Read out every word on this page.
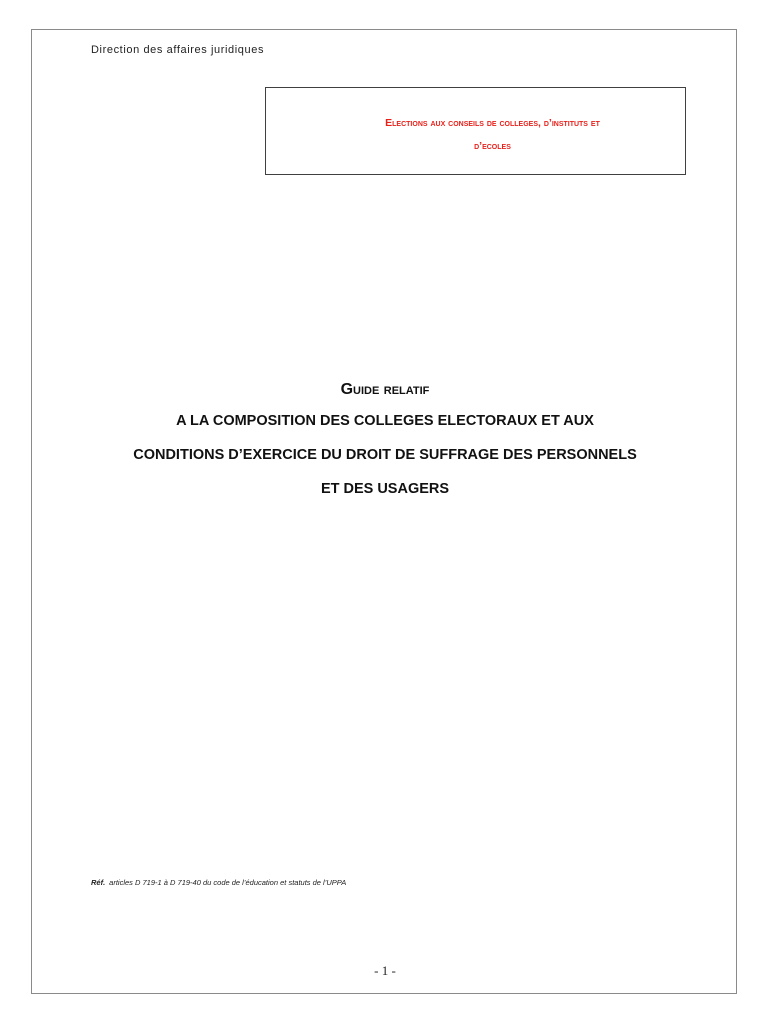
Direction des affaires juridiques
Elections aux conseils de colleges, d’instituts et
d’ecoles
Guide relatif
A LA COMPOSITION DES COLLEGES ELECTORAUX ET AUX
CONDITIONS D’EXERCICE DU DROIT DE SUFFRAGE DES PERSONNELS
ET DES USAGERS
Réf. articles D 719-1 à D 719-40 du code de l’éducation et statuts de l’UPPA
- 1 -
